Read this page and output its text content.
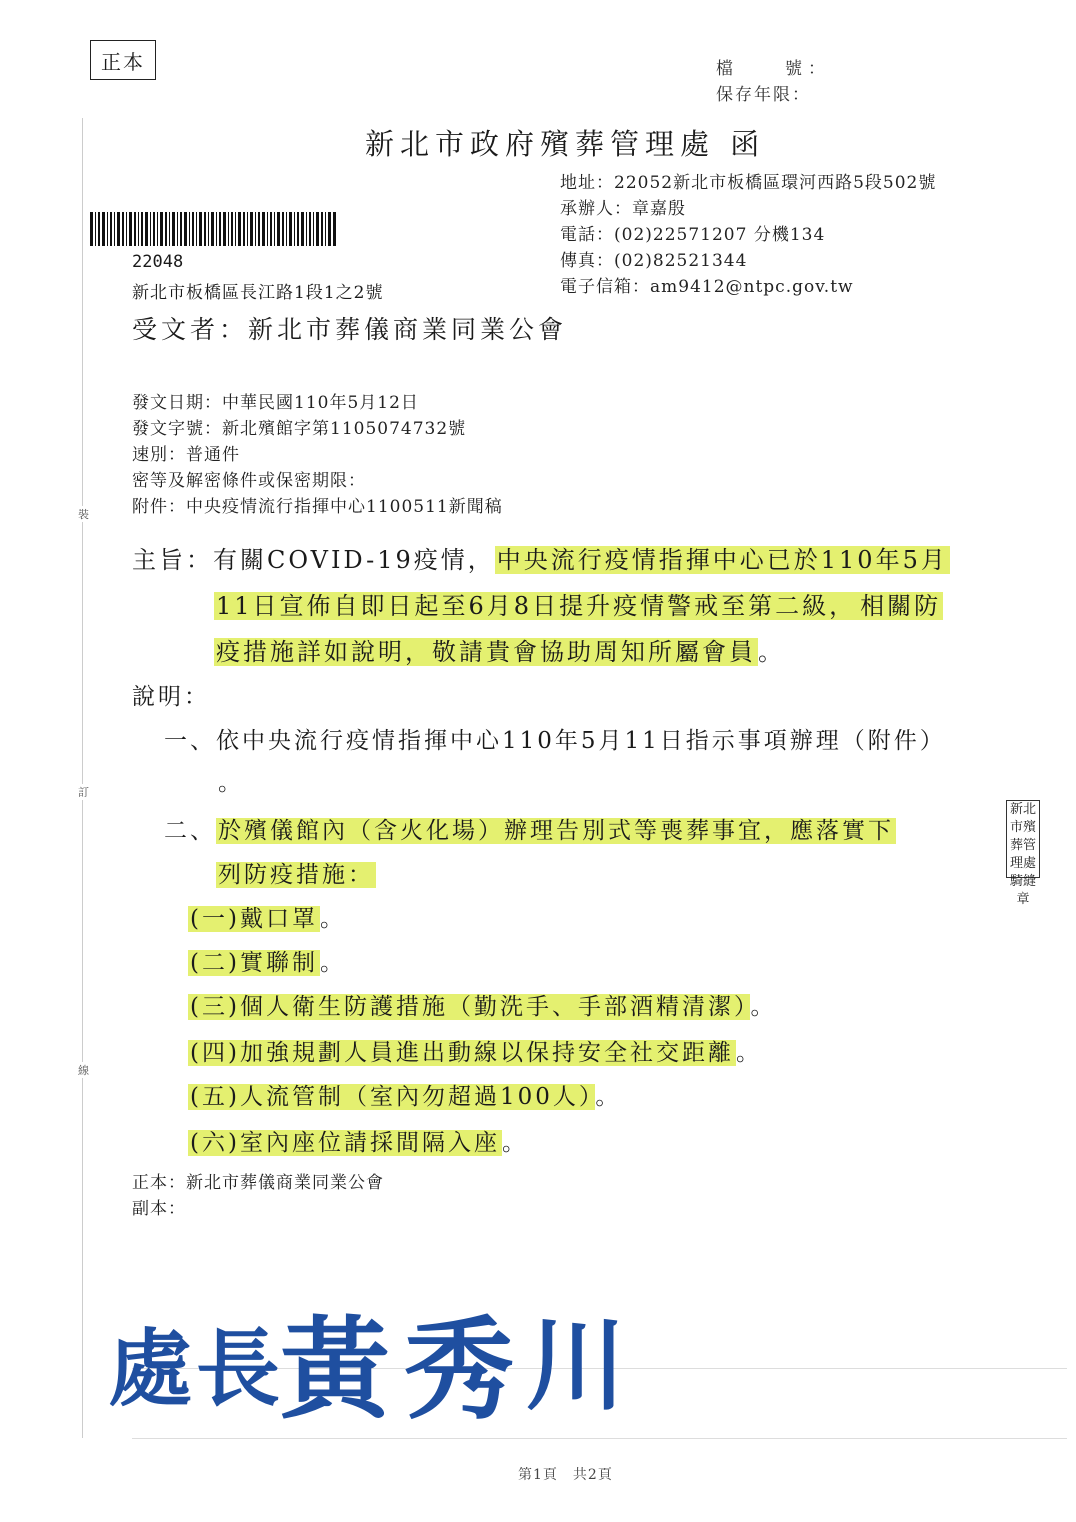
正本	檔　　號：
保存年限：
新北市政府殯葬管理處 函
地址：22052新北市板橋區環河西路5段502號
承辦人：章嘉殷
電話：(02)22571207 分機134
傳真：(02)82521344
電子信箱：am9412@ntpc.gov.tw
22048
新北市板橋區長江路1段1之2號
受文者：新北市葬儀商業同業公會
發文日期：中華民國110年5月12日
發文字號：新北殯館字第1105074732號
速別：普通件
密等及解密條件或保密期限：
附件：中央疫情流行指揮中心1100511新聞稿
裝
訂
線
主旨：有關COVID-19疫情，中央流行疫情指揮中心已於110年5月
11日宣佈自即日起至6月8日提升疫情警戒至第二級， 相關防
疫措施詳如說明，敬請貴會協助周知所屬會員。
說明：
一、依中央流行疫情指揮中心110年5月11日指示事項辦理（附件）
。
二、於殯儀館內（含火化場）辦理告別式等喪葬事宜，應落實下
列防疫措施：
(一)戴口罩。
(二)實聯制。
(三)個人衛生防護措施（勤洗手、手部酒精清潔）。
(四)加強規劃人員進出動線以保持安全社交距離。
(五)人流管制（室內勿超過100人）。
(六)室內座位請採間隔入座。
新北市殯葬管理處騎縫章
正本：新北市葬儀商業同業公會
副本：
處長
黃 秀 川
第1頁　共2頁
